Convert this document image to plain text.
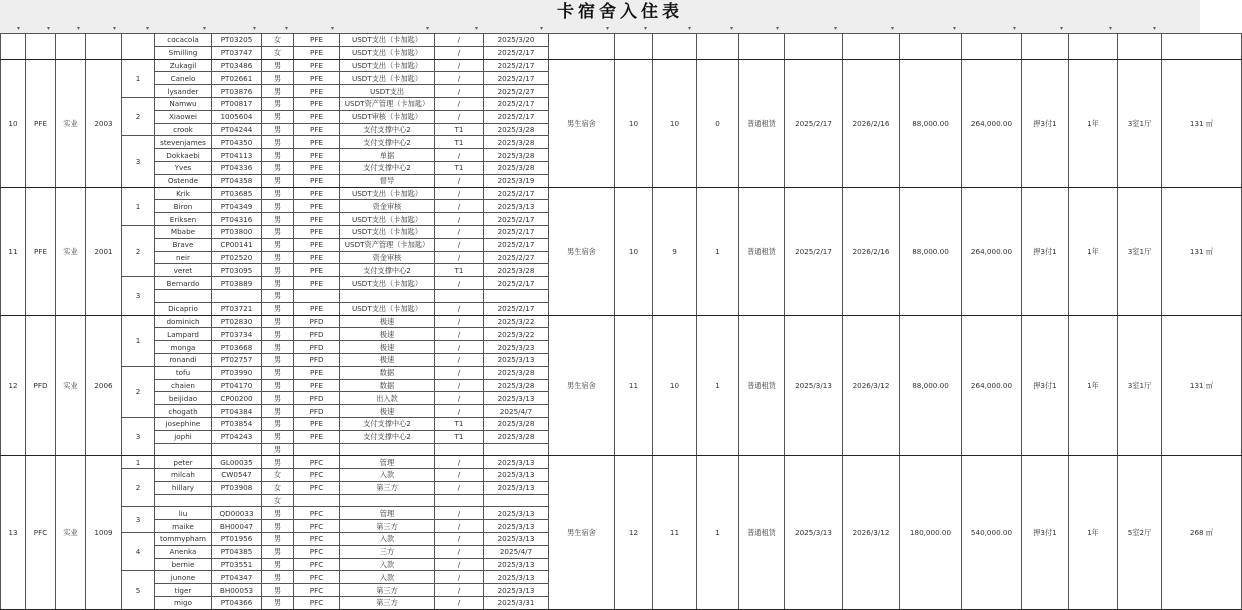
卡宿舍入住表
▾	▾	▾	▾	▾	▾	▾	▾	▾	▾	▾	▾	▾	▾	▾	▾	▾	▾	▾	▾	▾	▾	▾	▾
					cocacola	PT03205	女	PFE	USDT支出（卡加匙）	/	2025/3/20													
					Smilling	PT03747	女	PFE	USDT支出（卡加匙）	/	2025/2/17													
10	PFE	实业	2003	1	Zukagil	PT03486	男	PFE	USDT支出（卡加匙）	/	2025/2/17	男生宿舍	10	10	0	普通租赁	2025/2/17	2026/2/16	88,000.00	264,000.00	押3付1	1年	3室1厅	131 ㎡
					Canelo	PT02661	男	PFE	USDT支出（卡加匙）	/	2025/2/17													
					lysander	PT03876	男	PFE	USDT支出	/	2025/2/27													
				2	Namwu	PT00817	男	PFE	USDT资产管理（卡加匙）	/	2025/2/17													
					Xiaowei	1005604	男	PFE	USDT审核（卡加匙）	/	2025/2/17													
					crook	PT04244	男	PFE	支付支撑中心2	T1	2025/3/28													
				3	stevenjames	PT04350	男	PFE	支付支撑中心2	T1	2025/3/28													
					Dokkaebi	PT04113	男	PFE	单据	/	2025/3/28													
					Yves	PT04336	男	PFE	支付支撑中心2	T1	2025/3/28													
					Ostende	PT04358	男	PFE	督导	/	2025/3/19													
11	PFE	实业	2001	1	Krik	PT03685	男	PFE	USDT支出（卡加匙）	/	2025/2/17	男生宿舍	10	9	1	普通租赁	2025/2/17	2026/2/16	88,000.00	264,000.00	押3付1	1年	3室1厅	131 ㎡
					Biron	PT04349	男	PFE	资金审核	/	2025/3/13													
					Eriksen	PT04316	男	PFE	USDT支出（卡加匙）	/	2025/2/17													
				2	Mbabe	PT03800	男	PFE	USDT支出（卡加匙）	/	2025/2/17													
					Brave	CP00141	男	PFE	USDT资产管理（卡加匙）	/	2025/2/17													
					neir	PT02520	男	PFE	资金审核	/	2025/2/27													
					veret	PT03095	男	PFE	支付支撑中心2	T1	2025/3/28													
				3	Bernardo	PT03889	男	PFE	USDT支出（卡加匙）	/	2025/2/17													
							男																	
					Dicaprio	PT03721	男	PFE	USDT支出（卡加匙）	/	2025/2/17													
12	PFD	实业	2006	1	dominich	PT02830	男	PFD	极速	/	2025/3/22	男生宿舍	11	10	1	普通租赁	2025/3/13	2026/3/12	88,000.00	264,000.00	押3付1	1年	3室1厅	131 ㎡
					Lampard	PT03734	男	PFD	极速	/	2025/3/22													
					monga	PT03668	男	PFD	极速	/	2025/3/23													
					ronandi	PT02757	男	PFD	极速	/	2025/3/13													
				2	tofu	PT03990	男	PFE	数据	/	2025/3/28													
					chaien	PT04170	男	PFE	数据	/	2025/3/28													
					beijidao	CP00200	男	PFD	出入款	/	2025/3/13													
					chogath	PT04384	男	PFD	极速	/	2025/4/7													
				3	josephine	PT03854	男	PFE	支付支撑中心2	T1	2025/3/28													
					jophi	PT04243	男	PFE	支付支撑中心2	T1	2025/3/28													
							男																	
13	PFC	实业	1009	1	peter	GL00035	男	PFC	管理	/	2025/3/13	男生宿舍	12	11	1	普通租赁	2025/3/13	2026/3/12	180,000.00	540,000.00	押3付1	1年	5室2厅	268 ㎡
				2	milcah	CW0547	女	PFC	入款	/	2025/3/13													
					hillary	PT03908	女	PFC	第三方	/	2025/3/13													
							女																	
				3	liu	QD00033	男	PFC	管理	/	2025/3/13													
					maike	BH00047	男	PFC	第三方	/	2025/3/13													
				4	tommypham	PT01956	男	PFC	入款	/	2025/3/13													
					Anenka	PT04385	男	PFC	三方	/	2025/4/7													
					bernie	PT03551	男	PFC	入款	/	2025/3/13													
				5	junone	PT04347	男	PFC	入款	/	2025/3/13													
					tiger	BH00053	男	PFC	第三方	/	2025/3/13													
					migo	PT04366	男	PFC	第三方	/	2025/3/31													
